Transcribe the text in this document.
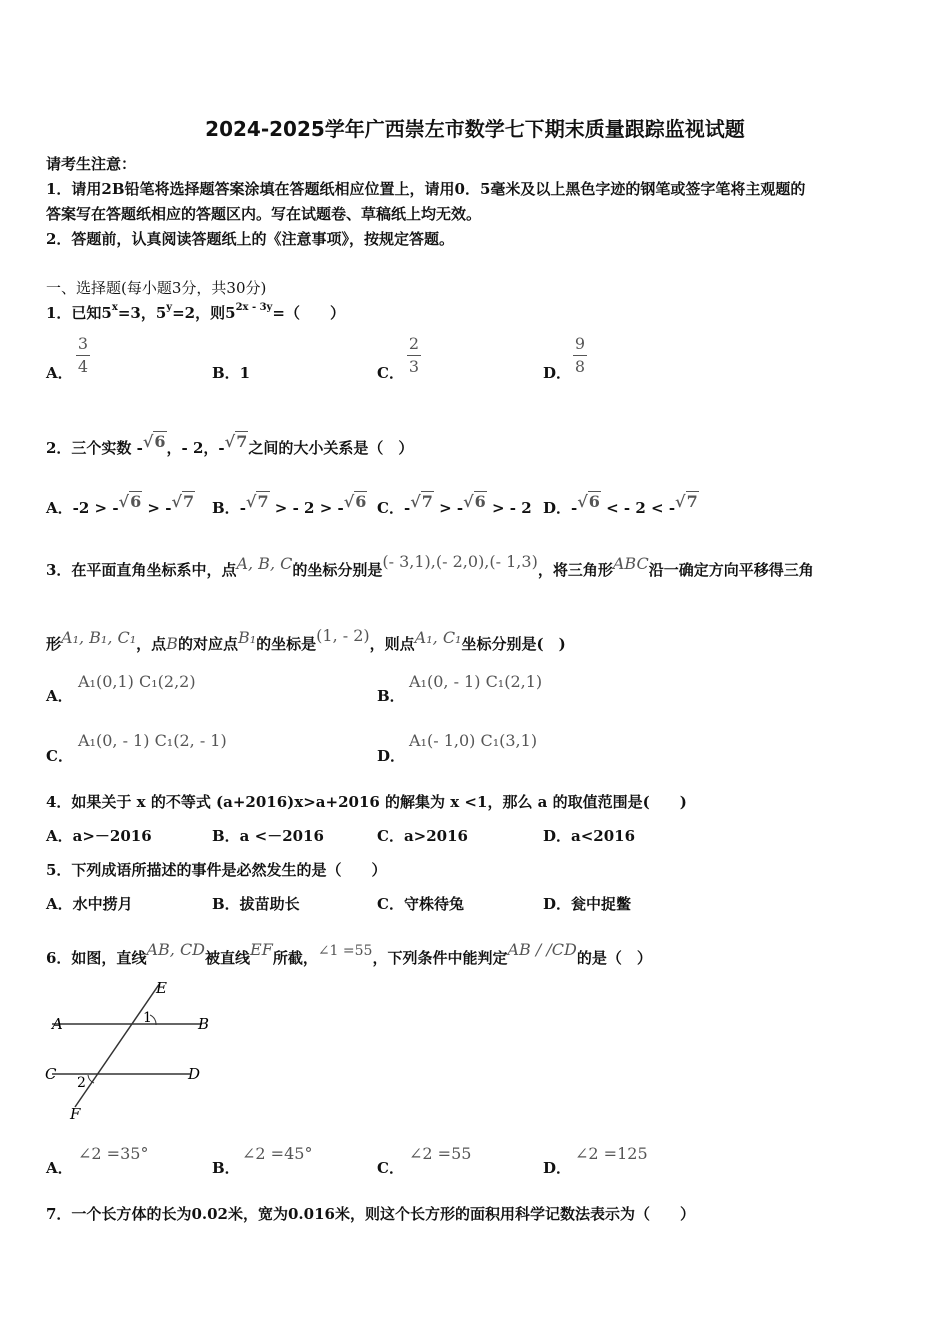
2024-2025学年广西崇左市数学七下期末质量跟踪监视试题
请考生注意：
1．请用2B铅笔将选择题答案涂填在答题纸相应位置上，请用0．5毫米及以上黑色字迹的钢笔或签字笔将主观题的
答案写在答题纸相应的答题区内。写在试题卷、草稿纸上均无效。
2．答题前，认真阅读答题纸上的《注意事项》，按规定答题。
一、选择题(每小题3分，共30分)
1．已知$5^x=3$，$5^y=2$，则$5^{2x - 3y}=$（　　）
A． $\frac{3}{4}$	B．1	C． $\frac{2}{3}$	D． $\frac{9}{8}$
2．三个实数 -√6，- 2，-√7之间的大小关系是（　）
A．-2 > -√6 > -√7 B．-√7 > - 2 > -√6 C．-√7 > -√6 > - 2 D．-√6 < - 2 < -√7
3．在平面直角坐标系中，点A, B, C的坐标分别是(- 3,1),(- 2,0),(- 1,3)，将三角形ABC沿一确定方向平移得三角
形A₁, B₁, C₁，点B的对应点B₁的坐标是(1, - 2)，则点A₁, C₁坐标分别是(　)
A．
A₁(0,1) C₁(2,2)
B．
A₁(0, - 1) C₁(2,1)
C．
A₁(0, - 1) C₁(2, - 1)
D．
A₁(- 1,0) C₁(3,1)
4．如果关于 x 的不等式 (a+2016)x>a+2016 的解集为 x <1，那么 a 的取值范围是(　　)
A．a>－2016	B．a <－2016	C．a>2016	D．a<2016
5．下列成语所描述的事件是必然发生的是（　　）
A．水中捞月	B．拔苗助长	C．守株待兔	D．瓮中捉鳖
6．如图，直线AB, CD被直线EF所截，∠1 =55，下列条件中能判定AB / /CD的是（　）
A	B
C	D
E
F
1
2
A．
∠2 =35°
B．
∠2 =45°
C．
∠2 =55
D．
∠2 =125
7．一个长方体的长为0.02米，宽为0.016米，则这个长方形的面积用科学记数法表示为（　　）
